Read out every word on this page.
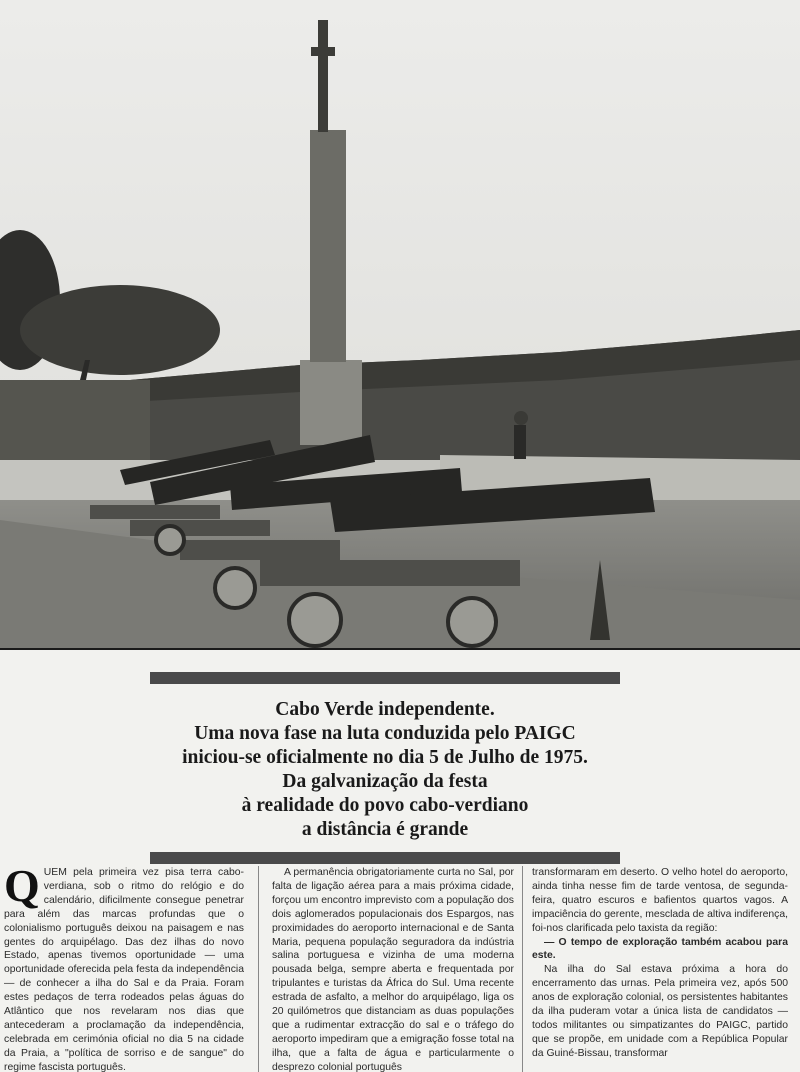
Cabo Verde independente.
Uma nova fase na luta conduzida pelo PAIGC
iniciou-se oficialmente no dia 5 de Julho de 1975.
Da galvanização da festa
à realidade do povo cabo-verdiano
a distância é grande

QUEM pela primeira vez pisa terra cabo-verdiana, sob o ritmo do relógio e do calendário, dificilmente consegue penetrar para além das marcas profundas que o colonialismo português deixou na paisagem e nas gentes do arquipélago. Das dez ilhas do novo Estado, apenas tivemos oportunidade — uma oportunidade oferecida pela festa da independência — de conhecer a ilha do Sal e da Praia. Foram estes pedaços de terra rodeados pelas águas do Atlântico que nos revelaram nos dias que antecederam a proclamação da independência, celebrada em cerimónia oficial no dia 5 na cidade da Praia, a "política de sorriso e de sangue" do regime fascista português.

A permanência obrigatoriamente curta no Sal, por falta de ligação aérea para a mais próxima cidade, forçou um encontro imprevisto com a população dos dois aglomerados populacionais dos Espargos, nas proximidades do aeroporto internacional e de Santa Maria, pequena população seguradora da indústria salina portuguesa e vizinha de uma moderna pousada belga, sempre aberta e frequentada por tripulantes e turistas da África do Sul. Uma recente estrada de asfalto, a melhor do arquipélago, liga os 20 quilómetros que distanciam as duas populações que a rudimentar extracção do sal e o tráfego do aeroporto impediram que a emigração fosse total na ilha, que a falta de água e particularmente o desprezo colonial português

transformaram em deserto. O velho hotel do aeroporto, ainda tinha nesse fim de tarde ventosa, de segunda-feira, quatro escuros e bafientos quartos vagos. A impaciência do gerente, mesclada de altiva indiferença, foi-nos clarificada pelo taxista da região:

— O tempo de exploração também acabou para este.

Na ilha do Sal estava próxima a hora do encerramento das urnas. Pela primeira vez, após 500 anos de exploração colonial, os persistentes habitantes da ilha puderam votar a única lista de candidatos — todos militantes ou simpatizantes do PAIGC, partido que se propõe, em unidade com a República Popular da Guiné-Bissau, transformar
